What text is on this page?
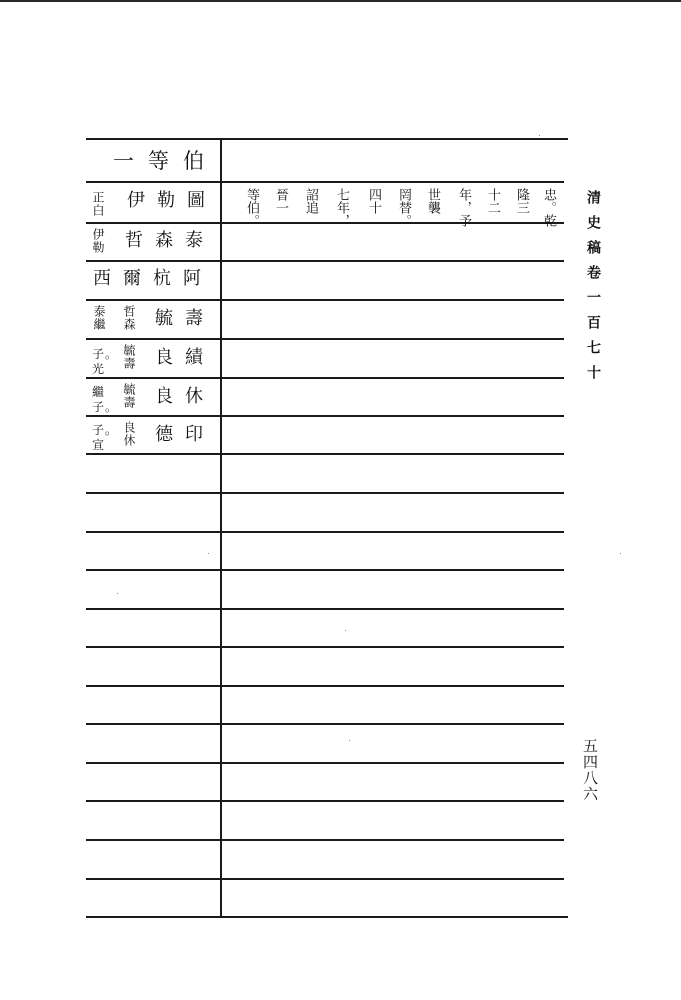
一等伯
伊勒圖
正白
哲森泰
伊勒
西爾杭阿
毓壽
哲森
泰繼
良績
毓壽
子。光
良休
毓壽
繼子。
德印
良休
子。宣
忠。乾
隆三
十二
年，予
世襲
罔替。
四十
七年，
詔追
晉一
等伯。	清史稿卷一百七十
五四八六
